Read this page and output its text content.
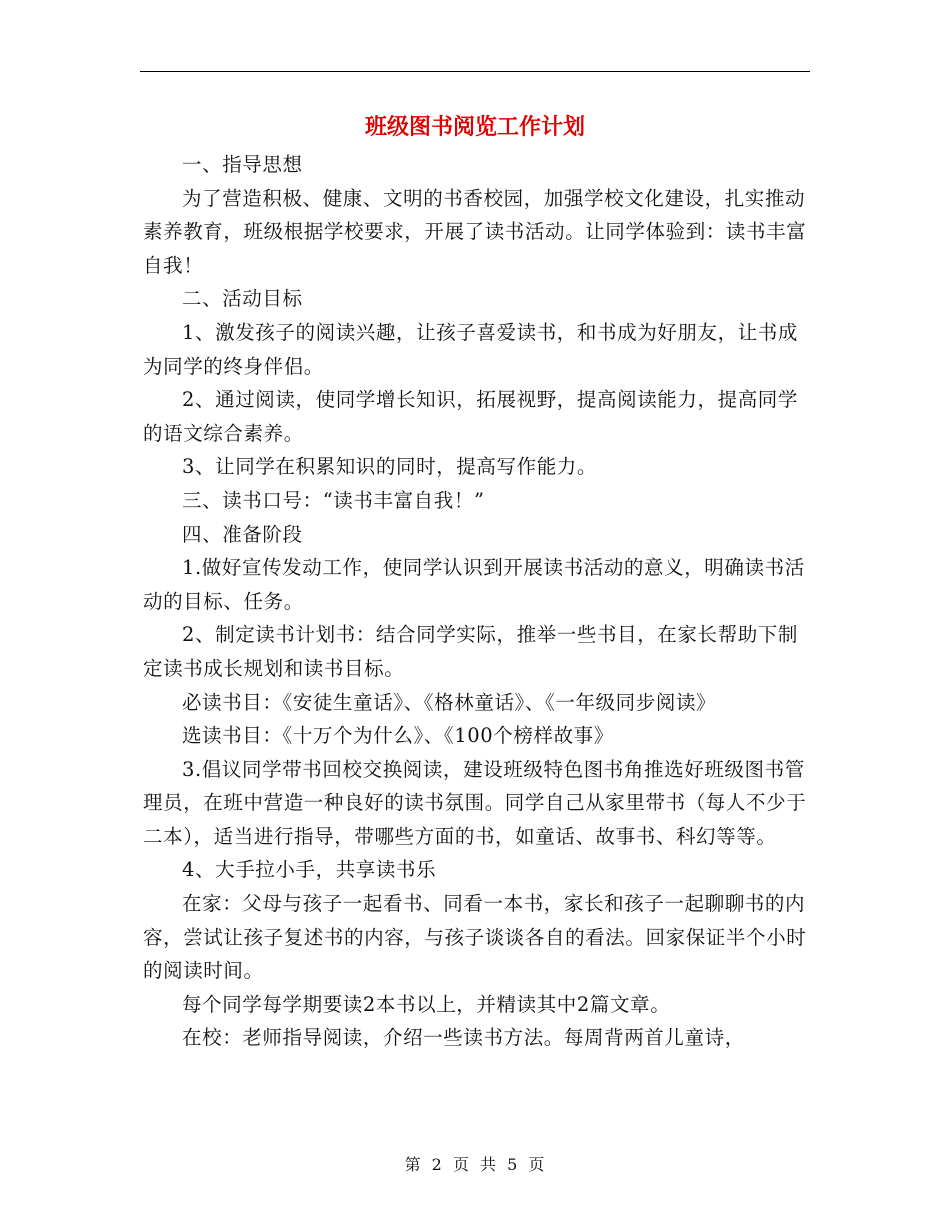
班级图书阅览工作计划

一、指导思想

为了营造积极、健康、文明的书香校园，加强学校文化建设，扎实推动素养教育，班级根据学校要求，开展了读书活动。让同学体验到：读书丰富自我！

二、活动目标

1、激发孩子的阅读兴趣，让孩子喜爱读书，和书成为好朋友，让书成为同学的终身伴侣。

2、通过阅读，使同学增长知识，拓展视野，提高阅读能力，提高同学的语文综合素养。

3、让同学在积累知识的同时，提高写作能力。

三、读书口号：“读书丰富自我！”

四、准备阶段

1.做好宣传发动工作，使同学认识到开展读书活动的意义，明确读书活动的目标、任务。

2、制定读书计划书：结合同学实际，推举一些书目，在家长帮助下制定读书成长规划和读书目标。

必读书目：《安徒生童话》、《格林童话》、《一年级同步阅读》

选读书目：《十万个为什么》、《100个榜样故事》

3.倡议同学带书回校交换阅读，建设班级特色图书角推选好班级图书管理员，在班中营造一种良好的读书氛围。同学自己从家里带书（每人不少于二本），适当进行指导，带哪些方面的书，如童话、故事书、科幻等等。

4、大手拉小手，共享读书乐

在家：父母与孩子一起看书、同看一本书，家长和孩子一起聊聊书的内容，尝试让孩子复述书的内容，与孩子谈谈各自的看法。回家保证半个小时的阅读时间。

每个同学每学期要读2本书以上，并精读其中2篇文章。

在校：老师指导阅读，介绍一些读书方法。每周背两首儿童诗，

第 2 页 共 5 页
